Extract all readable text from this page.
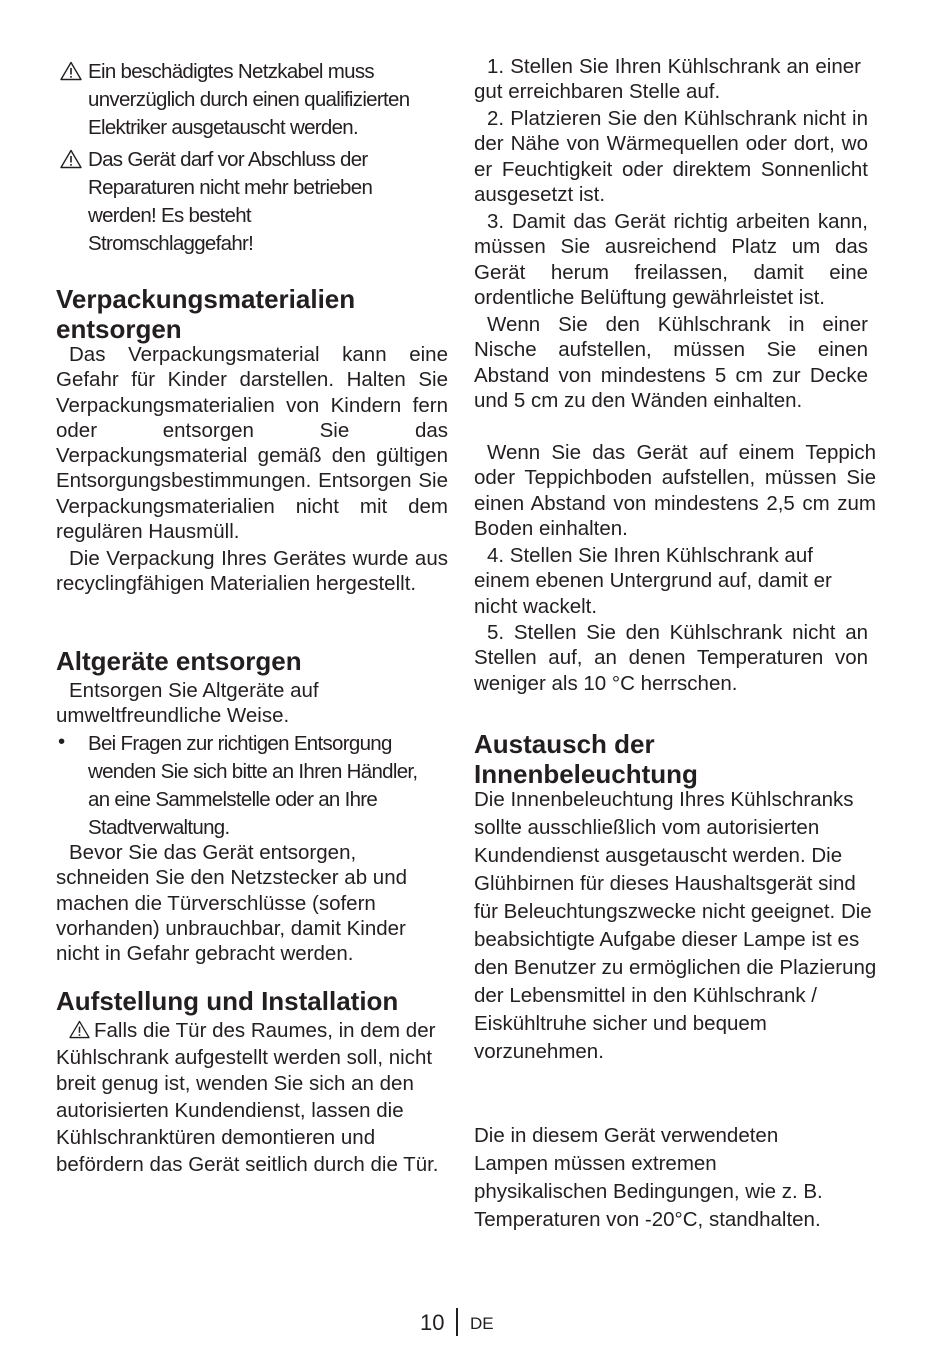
Ein beschädigtes Netzkabel muss unverzüglich durch einen qualifizierten Elektriker ausgetauscht werden.
Das Gerät darf vor Abschluss der Reparaturen nicht mehr betrieben werden! Es besteht Stromschlaggefahr!
Verpackungsmaterialien entsorgen

Das Verpackungsmaterial kann eine Gefahr für Kinder darstellen. Halten Sie Verpackungsmaterialien von Kindern fern oder entsorgen Sie das Verpackungsmaterial gemäß den gültigen Entsorgungsbestimmungen. Entsorgen Sie Verpackungsmaterialien nicht mit dem regulären Hausmüll.

Die Verpackung Ihres Gerätes wurde aus recyclingfähigen Materialien hergestellt.

Altgeräte entsorgen

Entsorgen Sie Altgeräte auf umweltfreundliche Weise.

• Bei Fragen zur richtigen Entsorgung wenden Sie sich bitte an Ihren Händler, an eine Sammelstelle oder an Ihre Stadtverwaltung.

Bevor Sie das Gerät entsorgen, schneiden Sie den Netzstecker ab und machen die Türverschlüsse (sofern vorhanden) unbrauchbar, damit Kinder nicht in Gefahr gebracht werden.

Aufstellung und Installation

Falls die Tür des Raumes, in dem der Kühlschrank aufgestellt werden soll, nicht breit genug ist, wenden Sie sich an den autorisierten Kundendienst, lassen die Kühlschranktüren demontieren und befördern das Gerät seitlich durch die Tür.

1. Stellen Sie Ihren Kühlschrank an einer gut erreichbaren Stelle auf.

2. Platzieren Sie den Kühlschrank nicht in der Nähe von Wärmequellen oder dort, wo er Feuchtigkeit oder direktem Sonnenlicht ausgesetzt ist.

3. Damit das Gerät richtig arbeiten kann, müssen Sie ausreichend Platz um das Gerät herum freilassen, damit eine ordentliche Belüftung gewährleistet ist.

Wenn Sie den Kühlschrank in einer Nische aufstellen, müssen Sie einen Abstand von mindestens 5 cm zur Decke und 5 cm zu den Wänden einhalten.

Wenn Sie das Gerät auf einem Teppich oder Teppichboden aufstellen, müssen Sie einen Abstand von mindestens 2,5 cm zum Boden einhalten.

4. Stellen Sie Ihren Kühlschrank auf einem ebenen Untergrund auf, damit er nicht wackelt.

5. Stellen Sie den Kühlschrank nicht an Stellen auf, an denen Temperaturen von weniger als 10 °C herrschen.

Austausch der Innenbeleuchtung

Die Innenbeleuchtung Ihres Kühlschranks sollte ausschließlich vom autorisierten Kundendienst ausgetauscht werden. Die Glühbirnen für dieses Haushaltsgerät sind für Beleuchtungszwecke nicht geeignet. Die beabsichtigte Aufgabe dieser Lampe ist es den Benutzer zu ermöglichen die Plazierung der Lebensmittel in den Kühlschrank / Eiskühltruhe sicher und bequem vorzunehmen.

Die in diesem Gerät verwendeten Lampen müssen extremen physikalischen Bedingungen, wie z. B. Temperaturen von -20°C, standhalten.

10 DE
